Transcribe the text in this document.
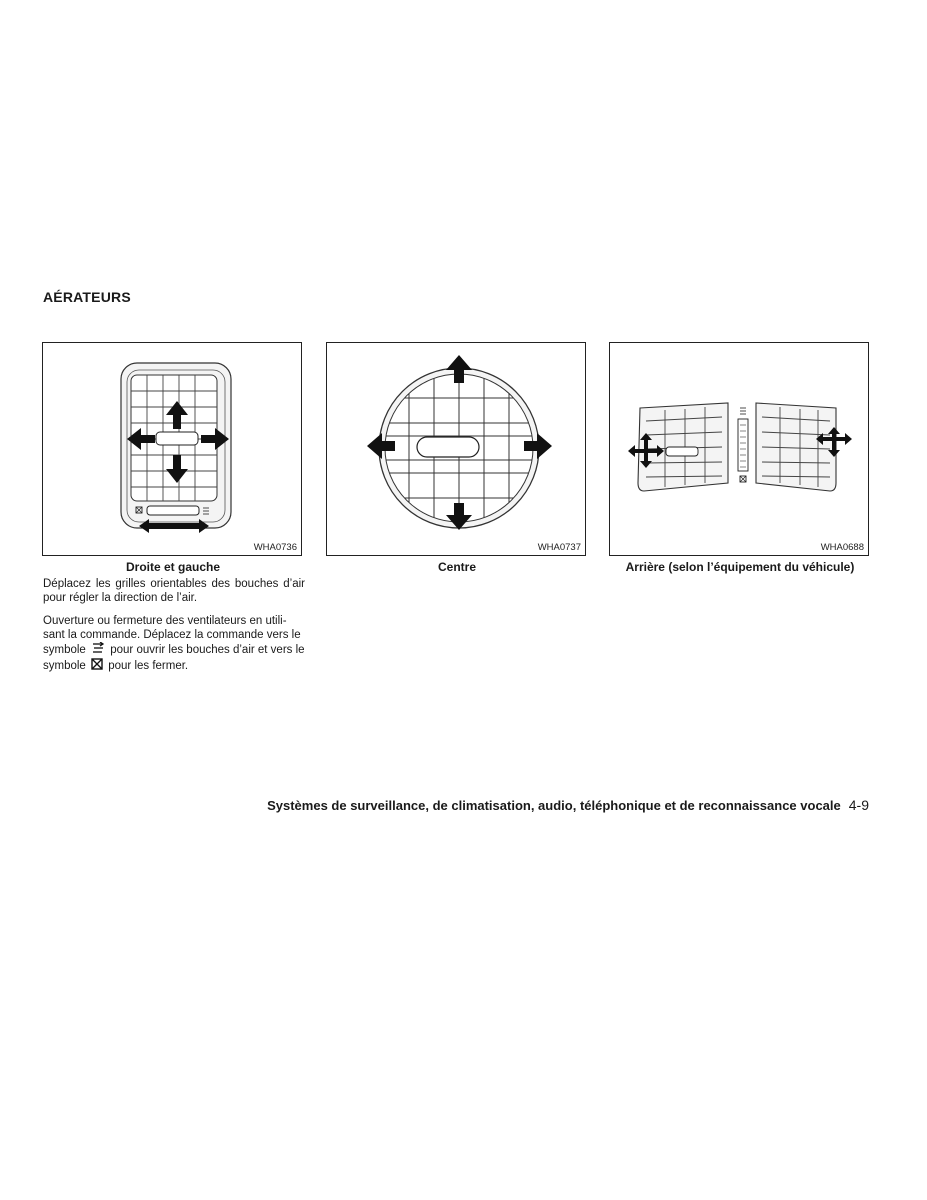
AÉRATEURS
WHA0736	WHA0737	WHA0688
Droite et gauche	Centre	Arrière (selon l’équipement du véhicule)

Déplacez les grilles orientables des bouches d’air pour régler la direction de l’air.

Ouverture ou fermeture des ventilateurs en utili-sant la commande. Déplacez la commande vers le symbole pour ouvrir les bouches d’air et vers le symbole pour les fermer.

Systèmes de surveillance, de climatisation, audio, téléphonique et de reconnaissance vocale 4-9
